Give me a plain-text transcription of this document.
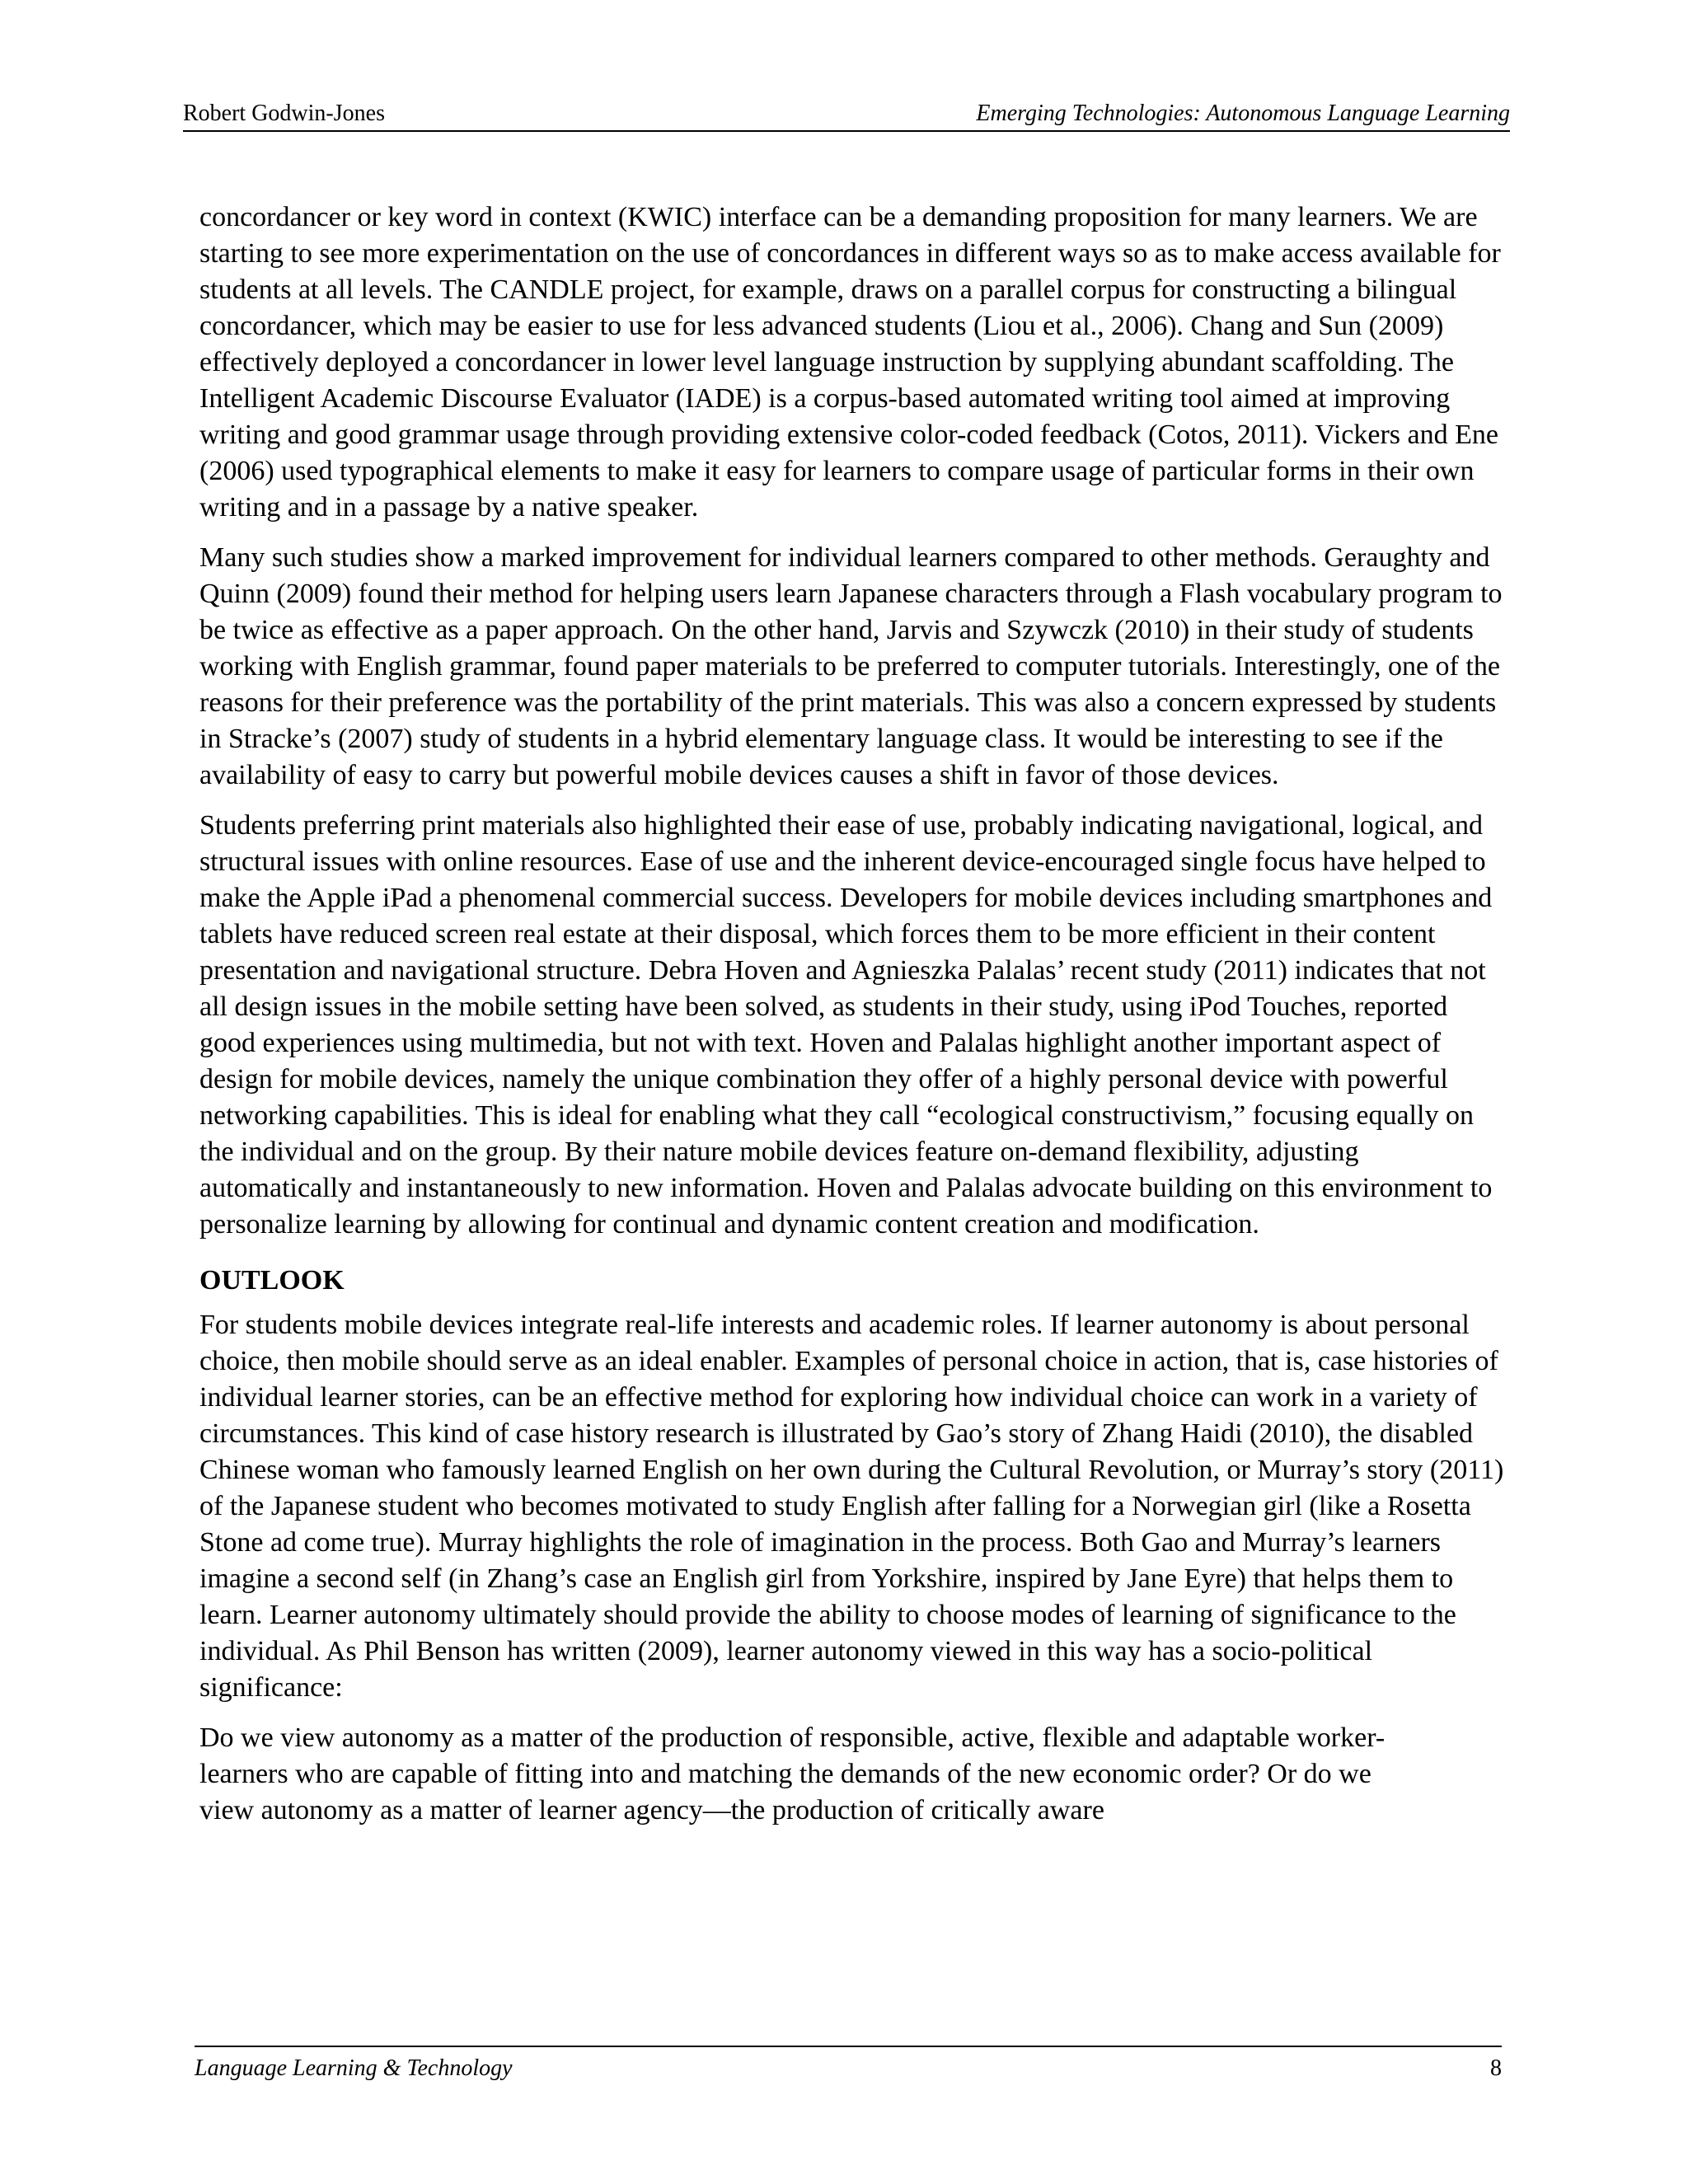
Robert Godwin-Jones	Emerging Technologies: Autonomous Language Learning

concordancer or key word in context (KWIC) interface can be a demanding proposition for many learners. We are starting to see more experimentation on the use of concordances in different ways so as to make access available for students at all levels. The CANDLE project, for example, draws on a parallel corpus for constructing a bilingual concordancer, which may be easier to use for less advanced students (Liou et al., 2006). Chang and Sun (2009) effectively deployed a concordancer in lower level language instruction by supplying abundant scaffolding. The Intelligent Academic Discourse Evaluator (IADE) is a corpus-based automated writing tool aimed at improving writing and good grammar usage through providing extensive color-coded feedback (Cotos, 2011). Vickers and Ene (2006) used typographical elements to make it easy for learners to compare usage of particular forms in their own writing and in a passage by a native speaker.

Many such studies show a marked improvement for individual learners compared to other methods. Geraughty and Quinn (2009) found their method for helping users learn Japanese characters through a Flash vocabulary program to be twice as effective as a paper approach. On the other hand, Jarvis and Szywczk (2010) in their study of students working with English grammar, found paper materials to be preferred to computer tutorials. Interestingly, one of the reasons for their preference was the portability of the print materials. This was also a concern expressed by students in Stracke’s (2007) study of students in a hybrid elementary language class. It would be interesting to see if the availability of easy to carry but powerful mobile devices causes a shift in favor of those devices.

Students preferring print materials also highlighted their ease of use, probably indicating navigational, logical, and structural issues with online resources. Ease of use and the inherent device-encouraged single focus have helped to make the Apple iPad a phenomenal commercial success. Developers for mobile devices including smartphones and tablets have reduced screen real estate at their disposal, which forces them to be more efficient in their content presentation and navigational structure. Debra Hoven and Agnieszka Palalas’ recent study (2011) indicates that not all design issues in the mobile setting have been solved, as students in their study, using iPod Touches, reported good experiences using multimedia, but not with text. Hoven and Palalas highlight another important aspect of design for mobile devices, namely the unique combination they offer of a highly personal device with powerful networking capabilities. This is ideal for enabling what they call “ecological constructivism,” focusing equally on the individual and on the group. By their nature mobile devices feature on-demand flexibility, adjusting automatically and instantaneously to new information. Hoven and Palalas advocate building on this environment to personalize learning by allowing for continual and dynamic content creation and modification.

OUTLOOK

For students mobile devices integrate real-life interests and academic roles. If learner autonomy is about personal choice, then mobile should serve as an ideal enabler. Examples of personal choice in action, that is, case histories of individual learner stories, can be an effective method for exploring how individual choice can work in a variety of circumstances. This kind of case history research is illustrated by Gao’s story of Zhang Haidi (2010), the disabled Chinese woman who famously learned English on her own during the Cultural Revolution, or Murray’s story (2011) of the Japanese student who becomes motivated to study English after falling for a Norwegian girl (like a Rosetta Stone ad come true). Murray highlights the role of imagination in the process. Both Gao and Murray’s learners imagine a second self (in Zhang’s case an English girl from Yorkshire, inspired by Jane Eyre) that helps them to learn. Learner autonomy ultimately should provide the ability to choose modes of learning of significance to the individual. As Phil Benson has written (2009), learner autonomy viewed in this way has a socio-political significance:

Do we view autonomy as a matter of the production of responsible, active, flexible and adaptable worker-learners who are capable of fitting into and matching the demands of the new economic order? Or do we view autonomy as a matter of learner agency—the production of critically aware

Language Learning & Technology	8
